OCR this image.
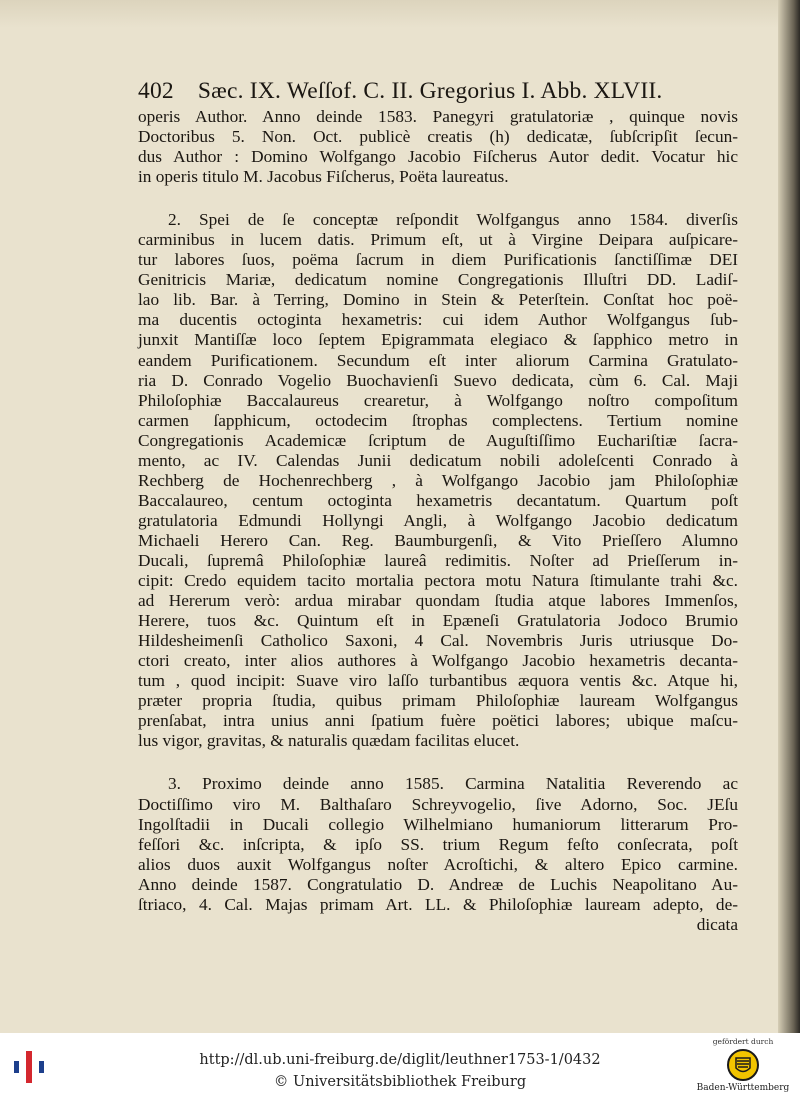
402 Sæc. IX. Weſſof. C. II. Gregorius I. Abb. XLVII.
operis Author. Anno deinde 1583. Panegyri gratulatoriæ , quinque novis
Doctoribus 5. Non. Oct. publicè creatis (h) dedicatæ, ſubſcripſit ſecun-
dus Author : Domino Wolfgango Jacobio Fiſcherus Autor dedit. Vocatur hic
in operis titulo M. Jacobus Fiſcherus, Poëta laureatus.
2. Spei de ſe conceptæ reſpondit Wolfgangus anno 1584. diverſis
carminibus in lucem datis. Primum eſt, ut à Virgine Deipara auſpicare-
tur labores ſuos, poëma ſacrum in diem Purificationis ſanctiſſimæ DEI
Genitricis Mariæ, dedicatum nomine Congregationis Illuſtri DD. Ladiſ-
lao lib. Bar. à Terring, Domino in Stein & Peterſtein. Conſtat hoc poë-
ma ducentis octoginta hexametris: cui idem Author Wolfgangus ſub-
junxit Mantiſſæ loco ſeptem Epigrammata elegiaco & ſapphico metro in
eandem Purificationem. Secundum eſt inter aliorum Carmina Gratulato-
ria D. Conrado Vogelio Buochavienſi Suevo dedicata, cùm 6. Cal. Maji
Philoſophiæ Baccalaureus crearetur, à Wolfgango noſtro compoſitum
carmen ſapphicum, octodecim ſtrophas complectens. Tertium nomine
Congregationis Academicæ ſcriptum de Auguſtiſſimo Euchariſtiæ ſacra-
mento, ac IV. Calendas Junii dedicatum nobili adoleſcenti Conrado à
Rechberg de Hochenrechberg , à Wolfgango Jacobio jam Philoſophiæ
Baccalaureo, centum octoginta hexametris decantatum. Quartum poſt
gratulatoria Edmundi Hollyngi Angli, à Wolfgango Jacobio dedicatum
Michaeli Herero Can. Reg. Baumburgenſi, & Vito Prieſſero Alumno
Ducali, ſupremâ Philoſophiæ laureâ redimitis. Noſter ad Prieſſerum in-
cipit: Credo equidem tacito mortalia pectora motu Natura ſtimulante trahi &c.
ad Hererum verò: ardua mirabar quondam ſtudia atque labores Immenſos,
Herere, tuos &c. Quintum eſt in Epæneſi Gratulatoria Jodoco Brumio
Hildesheimenſi Catholico Saxoni, 4 Cal. Novembris Juris utriusque Do-
ctori creato, inter alios authores à Wolfgango Jacobio hexametris decanta-
tum , quod incipit: Suave viro laſſo turbantibus æquora ventis &c. Atque hi,
præter propria ſtudia, quibus primam Philoſophiæ lauream Wolfgangus
prenſabat, intra unius anni ſpatium fuère poëtici labores; ubique maſcu-
lus vigor, gravitas, & naturalis quædam facilitas elucet.
3. Proximo deinde anno 1585. Carmina Natalitia Reverendo ac
Doctiſſimo viro M. Balthaſaro Schreyvogelio, ſive Adorno, Soc. JEſu
Ingolſtadii in Ducali collegio Wilhelmiano humaniorum litterarum Pro-
feſſori &c. inſcripta, & ipſo SS. trium Regum feſto conſecrata, poſt
alios duos auxit Wolfgangus noſter Acroſtichi, & altero Epico carmine.
Anno deinde 1587. Congratulatio D. Andreæ de Luchis Neapolitano Au-
ſtriaco, 4. Cal. Majas primam Art. LL. & Philoſophiæ lauream adepto, de-
dicata
http://dl.ub.uni-freiburg.de/diglit/leuthner1753-1/0432
© Universitätsbibliothek Freiburg
gefördert durch
Baden-Württemberg
